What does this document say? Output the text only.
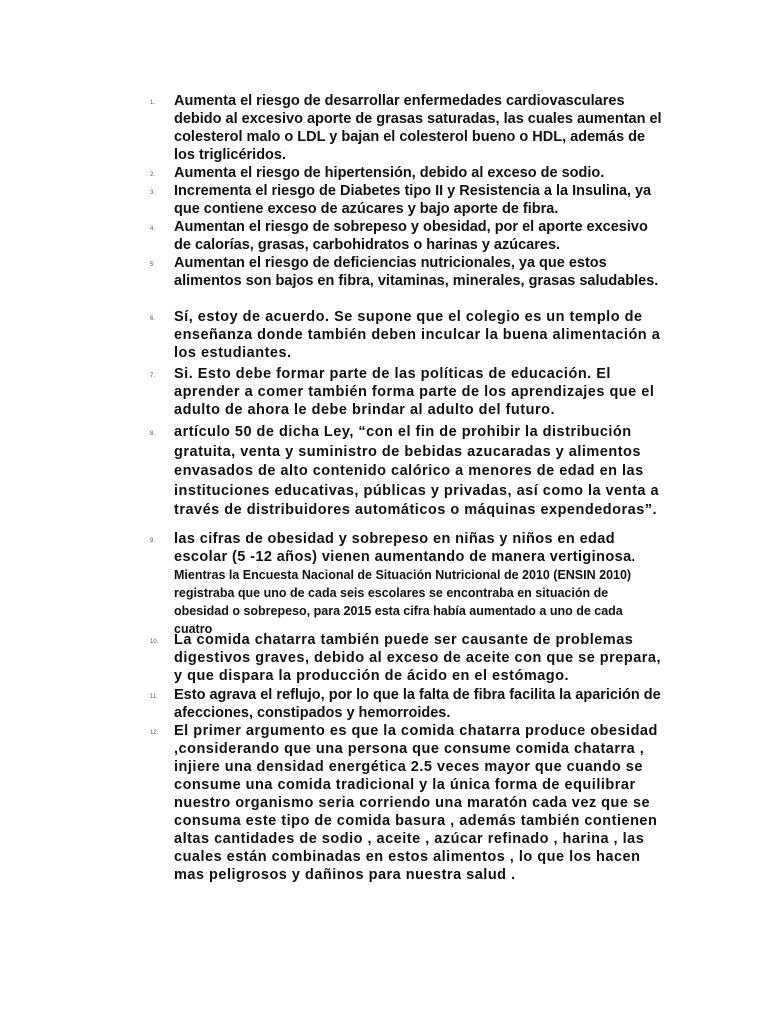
1. Aumenta el riesgo de desarrollar enfermedades cardiovasculares debido al excesivo aporte de grasas saturadas, las cuales aumentan el colesterol malo o LDL y bajan el colesterol bueno o HDL, además de los triglicéridos.
2. Aumenta el riesgo de hipertensión, debido al exceso de sodio.
3. Incrementa el riesgo de Diabetes tipo II y Resistencia a la Insulina, ya que contiene exceso de azúcares y bajo aporte de fibra.
4. Aumentan el riesgo de sobrepeso y obesidad, por el aporte excesivo de calorías, grasas, carbohidratos o harinas y azúcares.
5. Aumentan el riesgo de deficiencias nutricionales, ya que estos alimentos son bajos en fibra, vitaminas, minerales, grasas saludables.
6. Sí, estoy de acuerdo. Se supone que el colegio es un templo de enseñanza donde también deben inculcar la buena alimentación a los estudiantes.
7. Si. Esto debe formar parte de las políticas de educación. El aprender a comer también forma parte de los aprendizajes que el adulto de ahora le debe brindar al adulto del futuro.
8. artículo 50 de dicha Ley, “con el fin de prohibir la distribución gratuita, venta y suministro de bebidas azucaradas y alimentos envasados de alto contenido calórico a menores de edad en las instituciones educativas, públicas y privadas, así como la venta a través de distribuidores automáticos o máquinas expendedoras”.
9. las cifras de obesidad y sobrepeso en niñas y niños en edad escolar (5 -12 años) vienen aumentando de manera vertiginosa. Mientras la Encuesta Nacional de Situación Nutricional de 2010 (ENSIN 2010) registraba que uno de cada seis escolares se encontraba en situación de obesidad o sobrepeso, para 2015 esta cifra había aumentado a uno de cada cuatro
10. La comida chatarra también puede ser causante de problemas digestivos graves, debido al exceso de aceite con que se prepara, y que dispara la producción de ácido en el estómago.
11. Esto agrava el reflujo, por lo que la falta de fibra facilita la aparición de afecciones, constipados y hemorroides.
12. El primer argumento es que la comida chatarra produce obesidad ,considerando que una persona que consume comida chatarra , injiere una densidad energética 2.5 veces mayor que cuando se consume una comida tradicional y la única forma de equilibrar nuestro organismo seria corriendo una maratón cada vez que se consuma este tipo de comida basura , además también contienen altas cantidades de sodio , aceite , azúcar refinado , harina , las cuales están combinadas en estos alimentos , lo que los hacen mas peligrosos y dañinos para nuestra salud .
